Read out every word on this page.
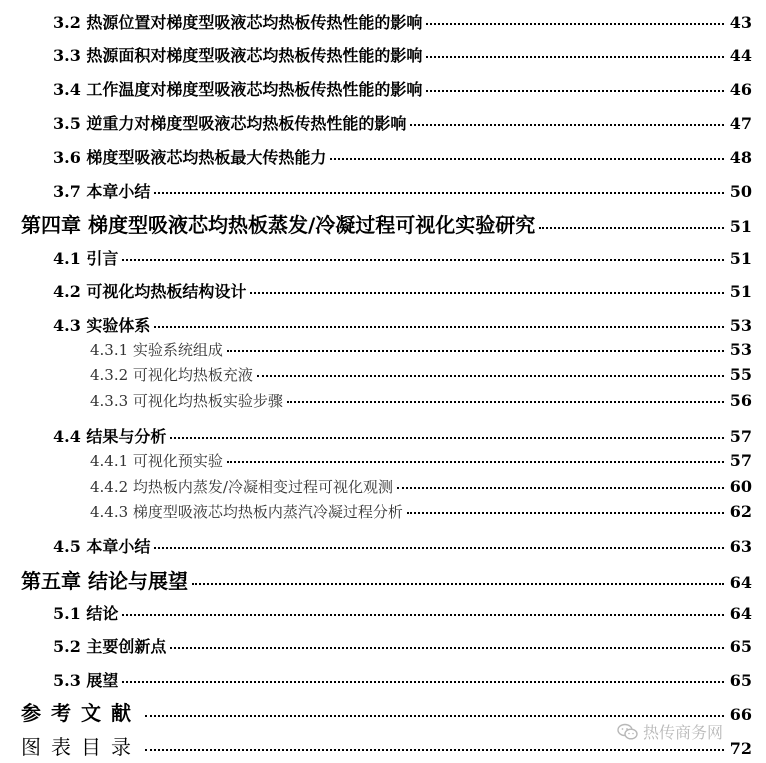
3.2 热源位置对梯度型吸液芯均热板传热性能的影响	43
3.3 热源面积对梯度型吸液芯均热板传热性能的影响	44
3.4 工作温度对梯度型吸液芯均热板传热性能的影响	46
3.5 逆重力对梯度型吸液芯均热板传热性能的影响	47
3.6 梯度型吸液芯均热板最大传热能力	48
3.7 本章小结	50
第四章 梯度型吸液芯均热板蒸发/冷凝过程可视化实验研究	51
4.1 引言	51
4.2 可视化均热板结构设计	51
4.3 实验体系	53
4.3.1 实验系统组成	53
4.3.2 可视化均热板充液	55
4.3.3 可视化均热板实验步骤	56
4.4 结果与分析	57
4.4.1 可视化预实验	57
4.4.2 均热板内蒸发/冷凝相变过程可视化观测	60
4.4.3 梯度型吸液芯均热板内蒸汽冷凝过程分析	62
4.5 本章小结	63
第五章 结论与展望	64
5.1 结论	64
5.2 主要创新点	65
5.3 展望	65
参考文献	66
图表目录	72
热传商务网
